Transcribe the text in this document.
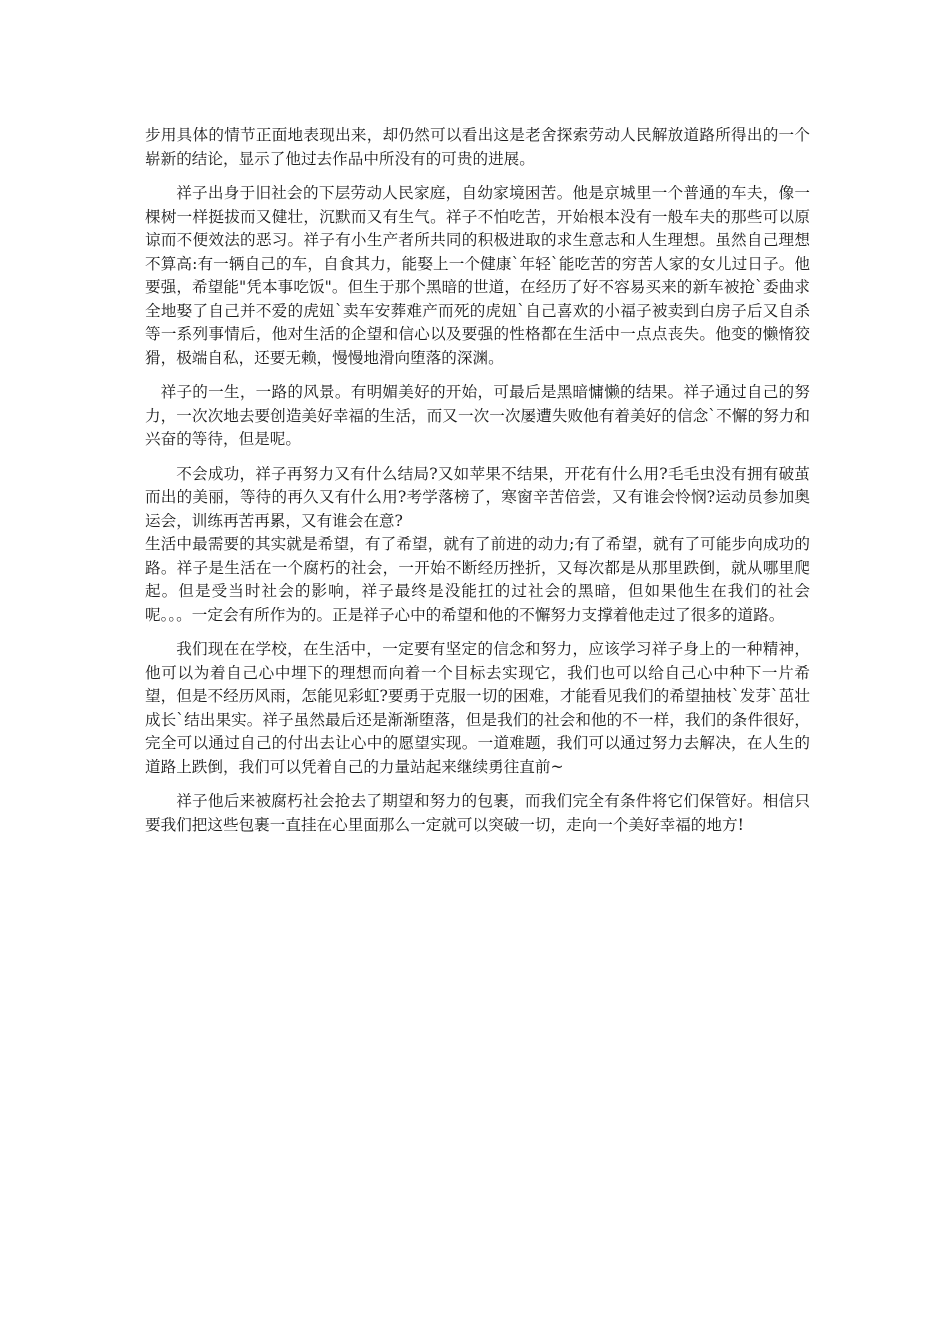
步用具体的情节正面地表现出来，却仍然可以看出这是老舍探索劳动人民解放道路所得出的一个崭新的结论，显示了他过去作品中所没有的可贵的进展。

祥子出身于旧社会的下层劳动人民家庭，自幼家境困苦。他是京城里一个普通的车夫，像一棵树一样挺拔而又健壮，沉默而又有生气。祥子不怕吃苦，开始根本没有一般车夫的那些可以原谅而不便效法的恶习。祥子有小生产者所共同的积极进取的求生意志和人生理想。虽然自己理想不算高:有一辆自己的车，自食其力，能娶上一个健康`年轻`能吃苦的穷苦人家的女儿过日子。他要强，希望能"凭本事吃饭"。但生于那个黑暗的世道，在经历了好不容易买来的新车被抢`委曲求全地娶了自己并不爱的虎妞`卖车安葬难产而死的虎妞`自己喜欢的小福子被卖到白房子后又自杀等一系列事情后，他对生活的企望和信心以及要强的性格都在生活中一点点丧失。他变的懒惰狡猾，极端自私，还要无赖，慢慢地滑向堕落的深渊。

祥子的一生，一路的风景。有明媚美好的开始，可最后是黑暗慵懒的结果。祥子通过自己的努力，一次次地去要创造美好幸福的生活，而又一次一次屡遭失败他有着美好的信念`不懈的努力和兴奋的等待，但是呢。

不会成功，祥子再努力又有什么结局?又如苹果不结果，开花有什么用?毛毛虫没有拥有破茧而出的美丽，等待的再久又有什么用?考学落榜了，寒窗辛苦倍尝，又有谁会怜悯?运动员参加奥运会，训练再苦再累，又有谁会在意?

生活中最需要的其实就是希望，有了希望，就有了前进的动力;有了希望，就有了可能步向成功的路。祥子是生活在一个腐朽的社会，一开始不断经历挫折，又每次都是从那里跌倒，就从哪里爬起。但是受当时社会的影响，祥子最终是没能扛的过社会的黑暗，但如果他生在我们的社会呢。。。一定会有所作为的。正是祥子心中的希望和他的不懈努力支撑着他走过了很多的道路。

我们现在在学校，在生活中，一定要有坚定的信念和努力，应该学习祥子身上的一种精神，他可以为着自己心中埋下的理想而向着一个目标去实现它，我们也可以给自己心中种下一片希望，但是不经历风雨，怎能见彩虹?要勇于克服一切的困难，才能看见我们的希望抽枝`发芽`茁壮成长`结出果实。祥子虽然最后还是渐渐堕落，但是我们的社会和他的不一样，我们的条件很好，完全可以通过自己的付出去让心中的愿望实现。一道难题，我们可以通过努力去解决，在人生的道路上跌倒，我们可以凭着自己的力量站起来继续勇往直前~

祥子他后来被腐朽社会抢去了期望和努力的包裹，而我们完全有条件将它们保管好。相信只要我们把这些包裹一直挂在心里面那么一定就可以突破一切，走向一个美好幸福的地方!
